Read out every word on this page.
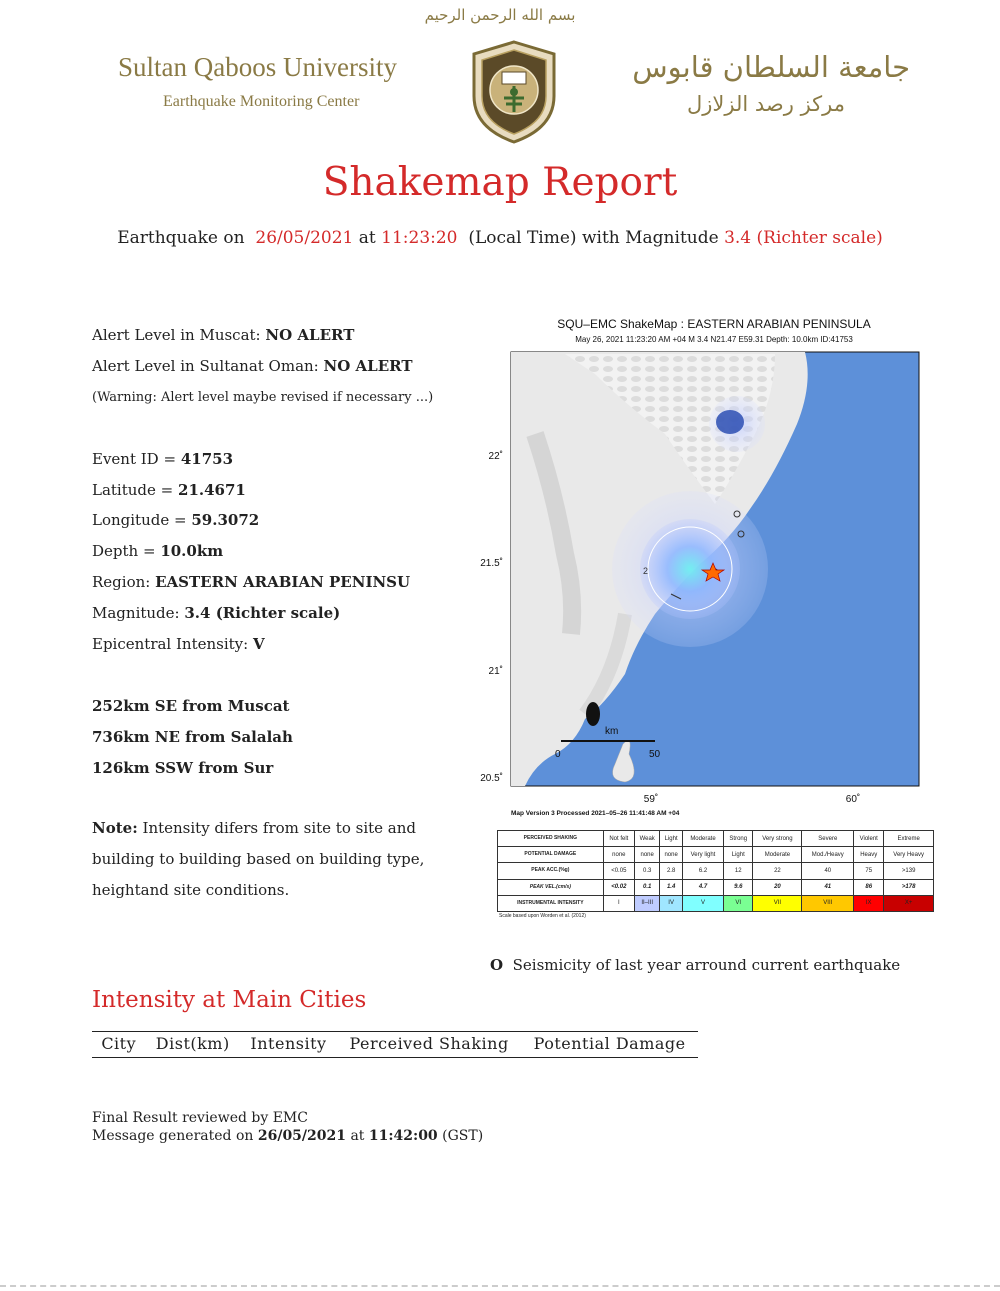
بسم الله الرحمن الرحيم
Sultan Qaboos University
Earthquake Monitoring Center
جامعة السلطان قابوس
مركز رصد الزلازل
Shakemap Report
Earthquake on 26/05/2021 at 11:23:20 (Local Time) with Magnitude 3.4 (Richter scale)
Alert Level in Muscat: NO ALERT
Alert Level in Sultanat Oman: NO ALERT
(Warning: Alert level maybe revised if necessary ...)
Event ID = 41753
Latitude = 21.4671
Longitude = 59.3072
Depth = 10.0km
Region: EASTERN ARABIAN PENINSU
Magnitude: 3.4 (Richter scale)
Epicentral Intensity: V
252km SE from Muscat
736km NE from Salalah
126km SSW from Sur
Note: Intensity difers from site to site and
building to building based on building type,
heightand site conditions.
SQU–EMC ShakeMap : EASTERN ARABIAN PENINSULA
May 26, 2021 11:23:20 AM +04 M 3.4 N21.47 E59.31 Depth: 10.0km ID:41753
2
km
0	50
22˚
21.5˚
21˚
20.5˚
59˚	60˚
Map Version 3 Processed 2021–05–26 11:41:48 AM +04
PERCEIVED SHAKING	Not felt	Weak	Light	Moderate	Strong	Very strong	Severe	Violent	Extreme
POTENTIAL DAMAGE	none	none	none	Very light	Light	Moderate	Mod./Heavy	Heavy	Very Heavy
PEAK ACC.(%g)	<0.05	0.3	2.8	6.2	12	22	40	75	>139
PEAK VEL.(cm/s)	<0.02	0.1	1.4	4.7	9.6	20	41	86	>178
INSTRUMENTAL INTENSITY	I	II–III	IV	V	VI	VII	VIII	IX	X+
Scale based upon Worden et al. (2012)
O Seismicity of last year arround current earthquake
Intensity at Main Cities
City	Dist(km)	Intensity	Perceived Shaking	Potential Damage
Final Result reviewed by EMC
Message generated on 26/05/2021 at 11:42:00 (GST)
